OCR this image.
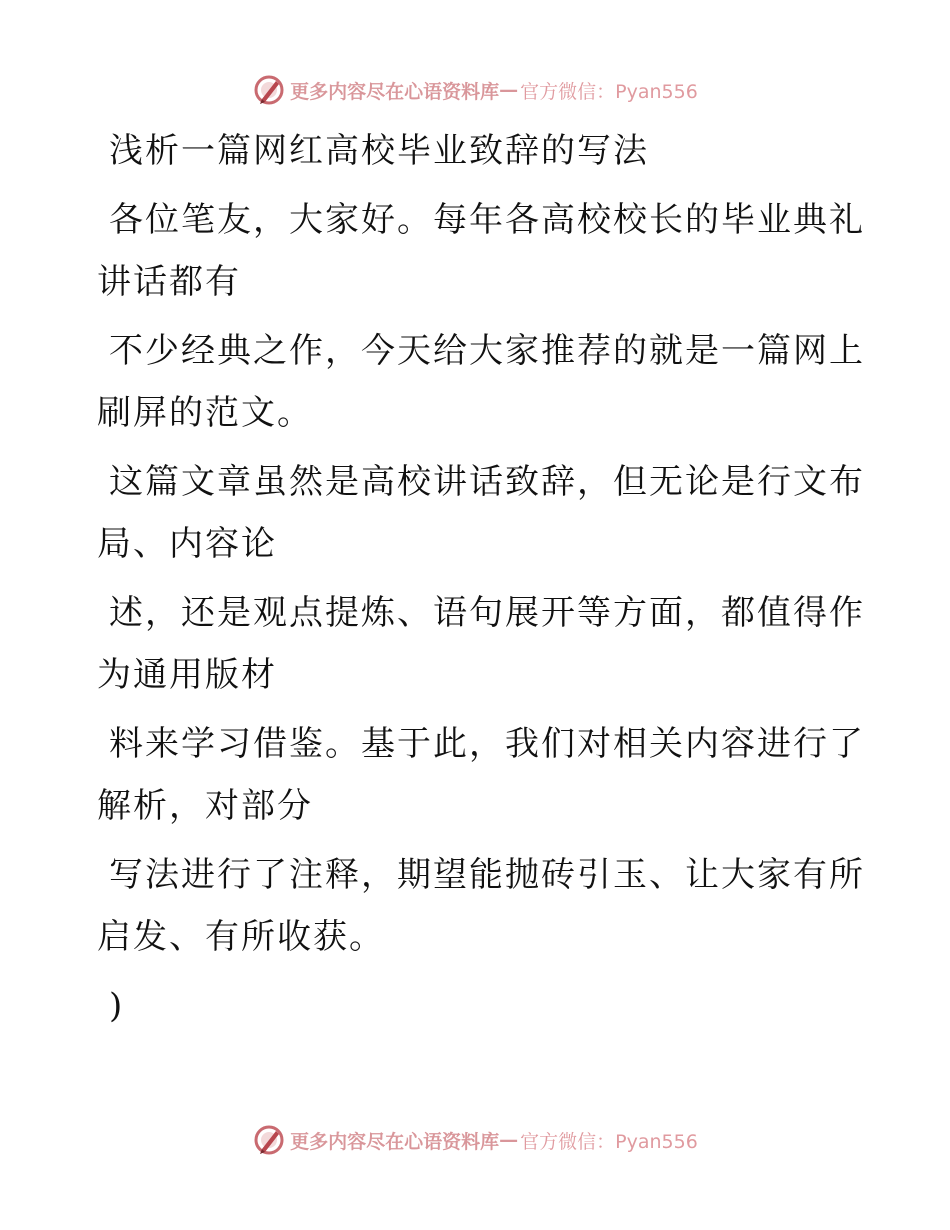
更多内容尽在心语资料库 — 官方微信：Pyan556
浅析一篇网红高校毕业致辞的写法
各位笔友，大家好。每年各高校校长的毕业典礼
讲话都有
不少经典之作，今天给大家推荐的就是一篇网上
刷屏的范文。
这篇文章虽然是高校讲话致辞，但无论是行文布
局、内容论
述，还是观点提炼、语句展开等方面，都值得作
为通用版材
料来学习借鉴。基于此，我们对相关内容进行了
解析，对部分
写法进行了注释，期望能抛砖引玉、让大家有所
启发、有所收获。
)
更多内容尽在心语资料库 — 官方微信：Pyan556
